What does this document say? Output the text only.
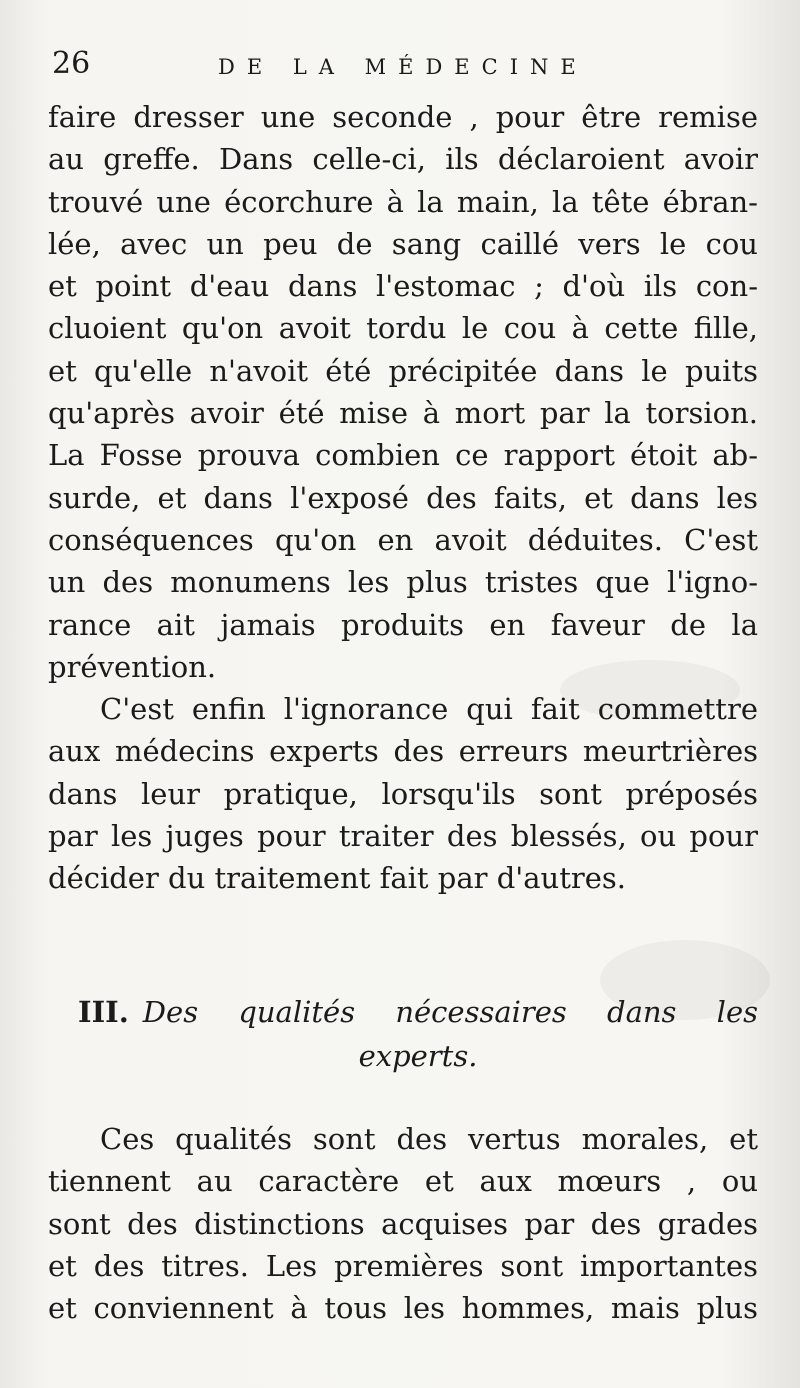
26	DE LA MÉDECINE
faire dresser une seconde , pour être remise
au greffe. Dans celle-ci, ils déclaroient avoir
trouvé une écorchure à la main, la tête ébran-
lée, avec un peu de sang caillé vers le cou
et point d'eau dans l'estomac ; d'où ils con-
cluoient qu'on avoit tordu le cou à cette fille,
et qu'elle n'avoit été précipitée dans le puits
qu'après avoir été mise à mort par la torsion.
La Fosse prouva combien ce rapport étoit ab-
surde, et dans l'exposé des faits, et dans les
conséquences qu'on en avoit déduites. C'est
un des monumens les plus tristes que l'igno-
rance ait jamais produits en faveur de la
prévention.
C'est enfin l'ignorance qui fait commettre
aux médecins experts des erreurs meurtrières
dans leur pratique, lorsqu'ils sont préposés
par les juges pour traiter des blessés, ou pour
décider du traitement fait par d'autres.
III. Des qualités nécessaires dans les
experts.
Ces qualités sont des vertus morales, et
tiennent au caractère et aux mœurs , ou
sont des distinctions acquises par des grades
et des titres. Les premières sont importantes
et conviennent à tous les hommes, mais plus
